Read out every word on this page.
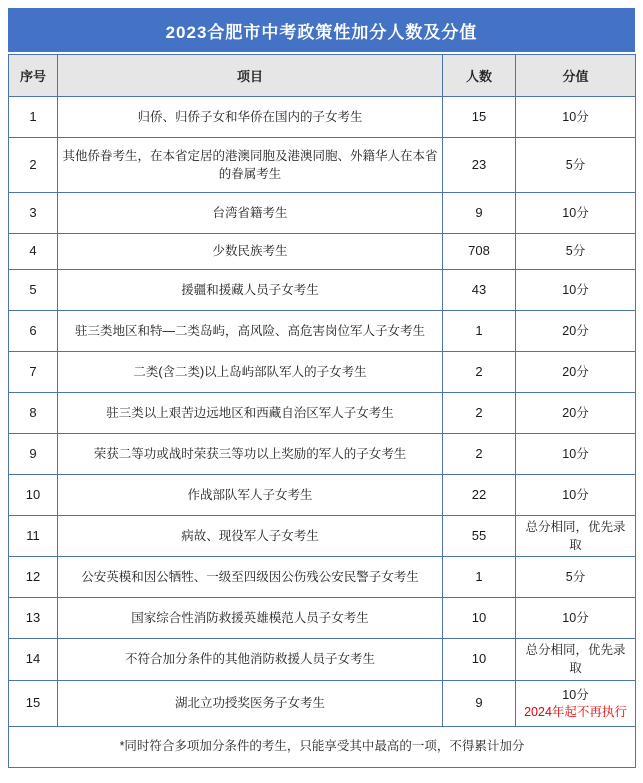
2023合肥市中考政策性加分人数及分值
序号	项目	人数	分值
1	归侨、归侨子女和华侨在国内的子女考生	15	10分
2	其他侨眷考生，在本省定居的港澳同胞及港澳同胞、外籍华人在本省的眷属考生	23	5分
3	台湾省籍考生	9	10分
4	少数民族考生	708	5分
5	援疆和援藏人员子女考生	43	10分
6	驻三类地区和特—二类岛屿，高风险、高危害岗位军人子女考生	1	20分
7	二类(含二类)以上岛屿部队军人的子女考生	2	20分
8	驻三类以上艰苦边远地区和西藏自治区军人子女考生	2	20分
9	荣获二等功或战时荣获三等功以上奖励的军人的子女考生	2	10分
10	作战部队军人子女考生	22	10分
11	病故、现役军人子女考生	55	总分相同，优先录取
12	公安英模和因公牺牲、一级至四级因公伤残公安民警子女考生	1	5分
13	国家综合性消防救援英雄模范人员子女考生	10	10分
14	不符合加分条件的其他消防救援人员子女考生	10	总分相同，优先录取
15	湖北立功授奖医务子女考生	9	10分
2024年起不再执行

*同时符合多项加分条件的考生，只能享受其中最高的一项，不得累计加分			
